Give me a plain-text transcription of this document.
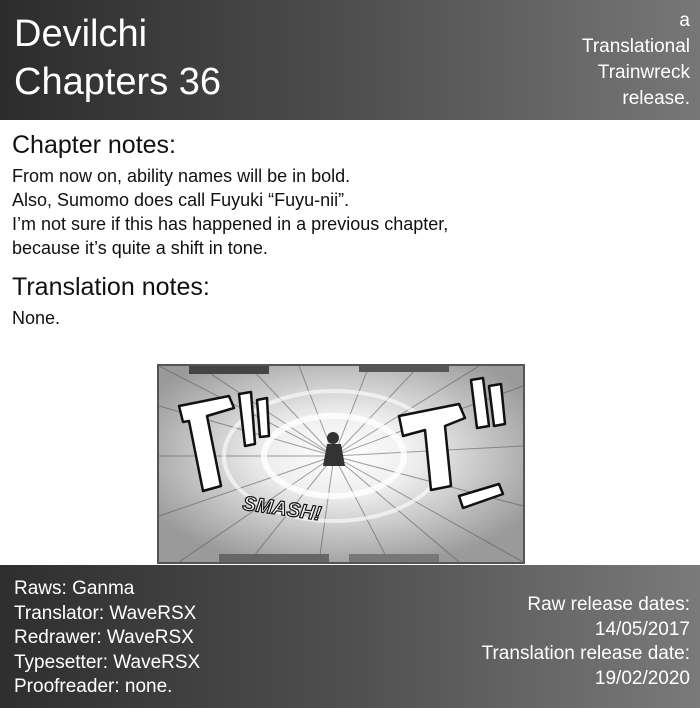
Devilchi
Chapters 36
a
Translational
Trainwreck
release.
Chapter notes:

From now on, ability names will be in bold.
Also, Sumomo does call Fuyuki “Fuyu-nii”.
I’m not sure if this has happened in a previous chapter,
because it’s quite a shift in tone.

Translation notes:

None.

SMASH!
Raws: Ganma
Translator: WaveRSX
Redrawer: WaveRSX
Typesetter: WaveRSX
Proofreader: none.
Raw release dates:
14/05/2017
Translation release date:
19/02/2020
